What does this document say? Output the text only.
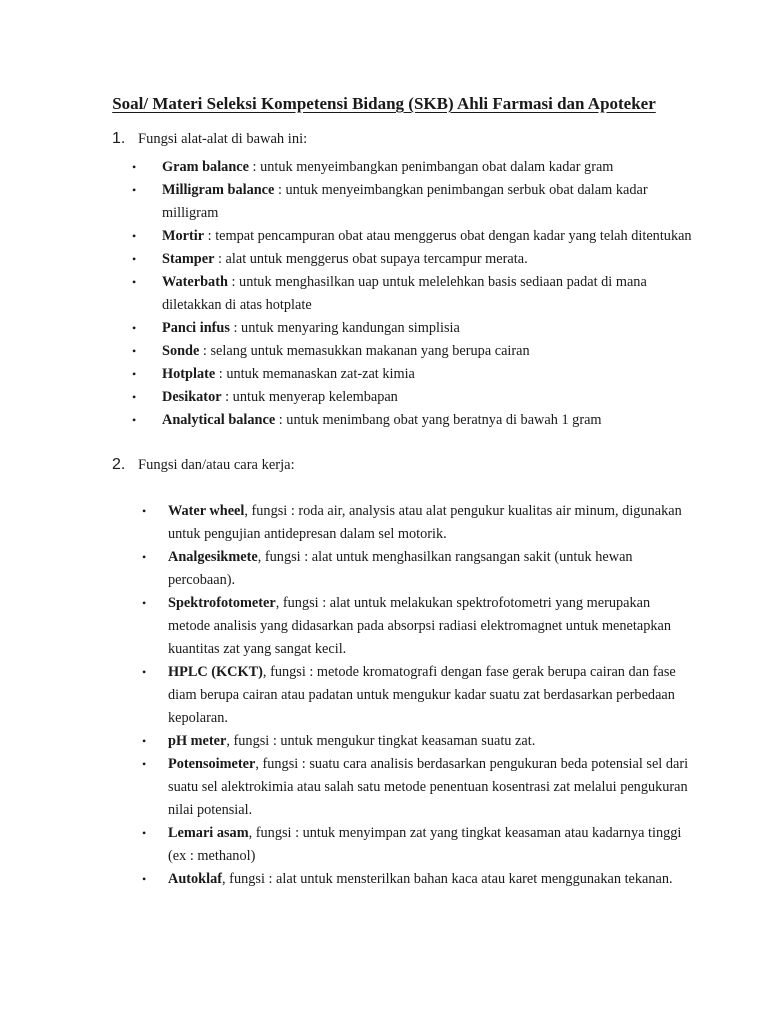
Soal/ Materi Seleksi Kompetensi Bidang (SKB) Ahli Farmasi dan Apoteker
1. Fungsi alat-alat di bawah ini:
• Gram balance : untuk menyeimbangkan penimbangan obat dalam kadar gram
• Milligram balance : untuk menyeimbangkan penimbangan serbuk obat dalam kadar milligram
• Mortir : tempat pencampuran obat atau menggerus obat dengan kadar yang telah ditentukan
• Stamper : alat untuk menggerus obat supaya tercampur merata.
• Waterbath : untuk menghasilkan uap untuk melelehkan basis sediaan padat di mana diletakkan di atas hotplate
• Panci infus : untuk menyaring kandungan simplisia
• Sonde : selang untuk memasukkan makanan yang berupa cairan
• Hotplate : untuk memanaskan zat-zat kimia
• Desikator : untuk menyerap kelembapan
• Analytical balance : untuk menimbang obat yang beratnya di bawah 1 gram
2. Fungsi dan/atau cara kerja:
• Water wheel, fungsi : roda air, analysis atau alat pengukur kualitas air minum, digunakan untuk pengujian antidepresan dalam sel motorik.
• Analgesikmete, fungsi : alat untuk menghasilkan rangsangan sakit (untuk hewan percobaan).
• Spektrofotometer, fungsi : alat untuk melakukan spektrofotometri yang merupakan metode analisis yang didasarkan pada absorpsi radiasi elektromagnet untuk menetapkan kuantitas zat yang sangat kecil.
• HPLC (KCKT), fungsi : metode kromatografi dengan fase gerak berupa cairan dan fase diam berupa cairan atau padatan untuk mengukur kadar suatu zat berdasarkan perbedaan kepolaran.
• pH meter, fungsi : untuk mengukur tingkat keasaman suatu zat.
• Potensoimeter, fungsi : suatu cara analisis berdasarkan pengukuran beda potensial sel dari suatu sel alektrokimia atau salah satu metode penentuan kosentrasi zat melalui pengukuran nilai potensial.
• Lemari asam, fungsi : untuk menyimpan zat yang tingkat keasaman atau kadarnya tinggi (ex : methanol)
• Autoklaf, fungsi : alat untuk mensterilkan bahan kaca atau karet menggunakan tekanan.
